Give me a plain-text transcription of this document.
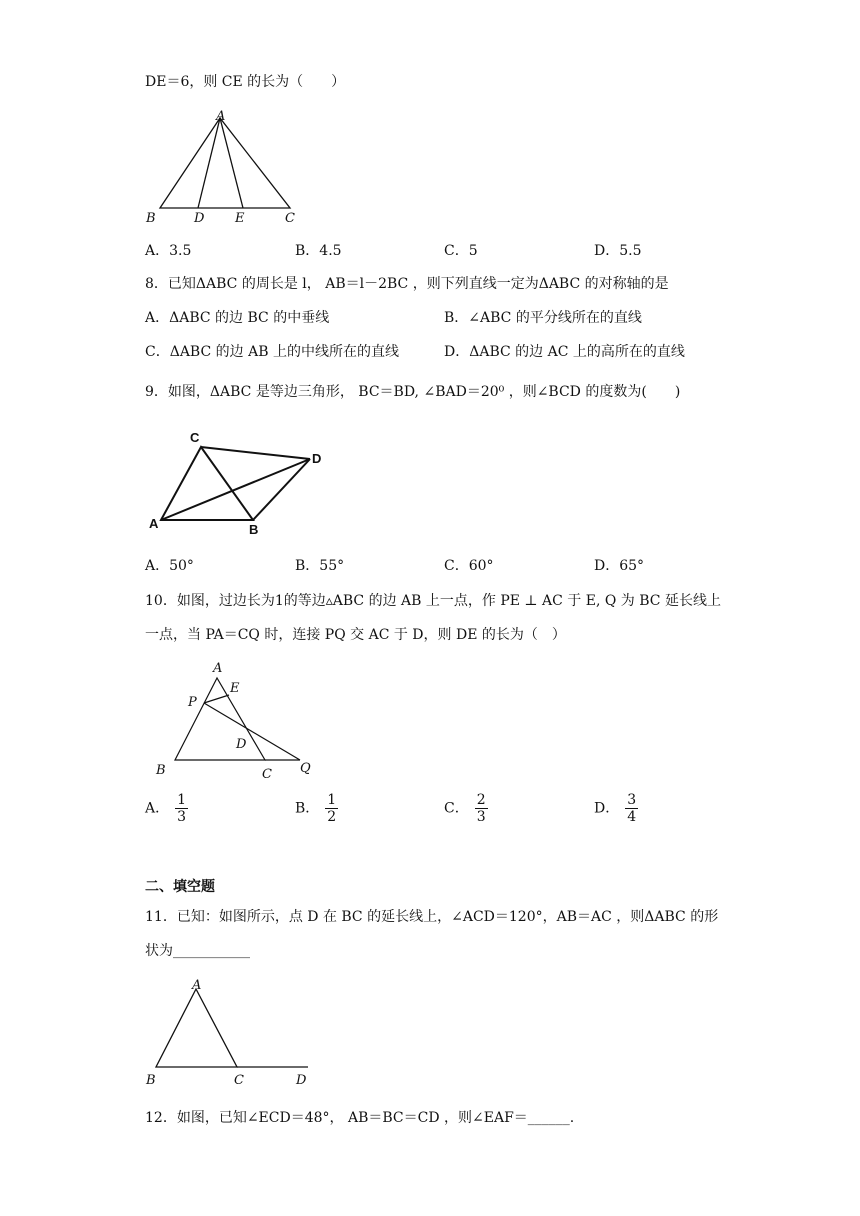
DE＝6，则 CE 的长为（　　）
A
B	D E	C
A．3.5	B．4.5	C．5	D．5.5
8．已知ΔABC 的周长是 l， AB＝l－2BC ，则下列直线一定为ΔABC 的对称轴的是
A．ΔABC 的边 BC 的中垂线	B．∠ABC 的平分线所在的直线
C．ΔABC 的边 AB 上的中线所在的直线	D．ΔABC 的边 AC 上的高所在的直线
9．如图，ΔABC 是等边三角形， BC＝BD, ∠BAD＝20⁰ ，则∠BCD 的度数为(　　)
C
D
A	B
A．50°	B．55°	C．60°	D．65°
10．如图，过边长为1的等边▵ABC 的边 AB 上一点，作 PE ⊥ AC 于 E, Q 为 BC 延长线上
一点，当 PA＝CQ 时，连接 PQ 交 AC 于 D，则 DE 的长为（　）
A
E
P
D
B	C Q
A． $\frac{1}{3}$	B． $\frac{1}{2}$	C． $\frac{2}{3}$	D． $\frac{3}{4}$
二、填空题
11．已知：如图所示，点 D 在 BC 的延长线上，∠ACD＝120°，AB＝AC ，则ΔABC 的形
状为___________
A
B	C	D
12．如图，已知∠ECD＝48°， AB＝BC＝CD ，则∠EAF＝______.
